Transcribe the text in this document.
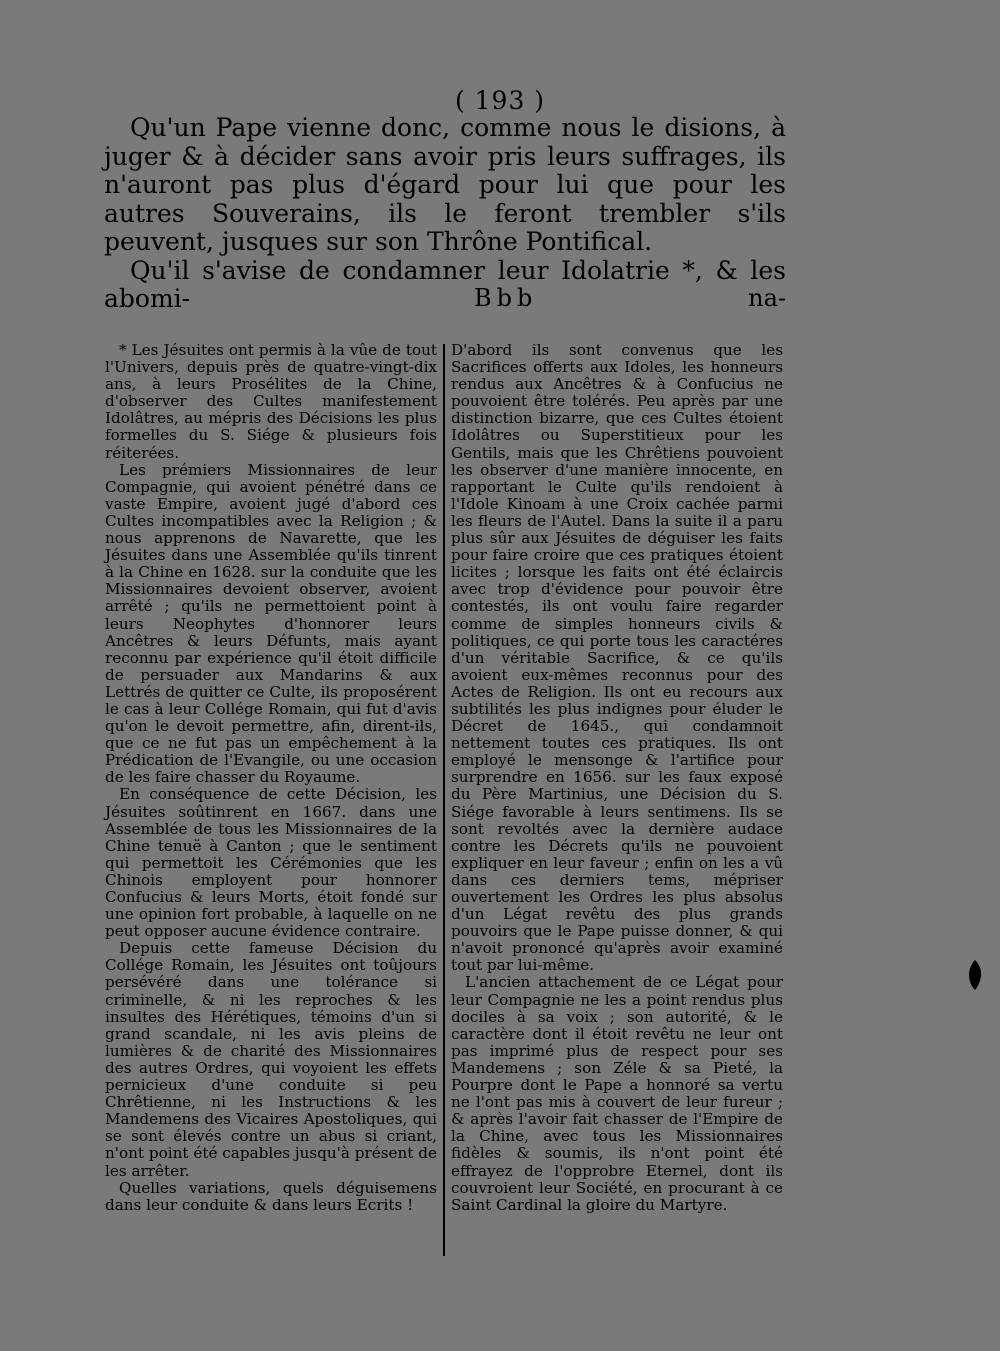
( 193 )

Qu'un Pape vienne donc, comme nous le disions, à juger & à décider sans avoir pris leurs suffrages, ils n'auront pas plus d'égard pour lui que pour les autres Souverains, ils le feront trembler s'ils peuvent, jusques sur son Thrône Pontifical.

Qu'il s'avise de condamner leur Idolatrie *, & les abomi-	Bbb	na-

* Les Jésuites ont permis à la vûe de tout l'Univers, depuis près de quatre-vingt-dix ans, à leurs Prosélites de la Chine, d'observer des Cultes manifestement Idolâtres, au mépris des Décisions les plus formelles du S. Siége & plusieurs fois réiterées.

Les prémiers Missionnaires de leur Compagnie, qui avoient pénétré dans ce vaste Empire, avoient jugé d'abord ces Cultes incompatibles avec la Religion ; & nous apprenons de Navarette, que les Jésuites dans une Assemblée qu'ils tinrent à la Chine en 1628. sur la conduite que les Missionnaires devoient observer, avoient arrêté ; qu'ils ne permettoient point à leurs Neophytes d'honnorer leurs Ancêtres & leurs Défunts, mais ayant reconnu par expérience qu'il étoit difficile de persuader aux Mandarins & aux Lettrés de quitter ce Culte, ils proposérent le cas à leur Collége Romain, qui fut d'avis qu'on le devoit permettre, afin, dirent-ils, que ce ne fut pas un empêchement à la Prédication de l'Evangile, ou une occasion de les faire chasser du Royaume.

En conséquence de cette Décision, les Jésuites soûtinrent en 1667. dans une Assemblée de tous les Missionnaires de la Chine tenuë à Canton ; que le sentiment qui permettoit les Cérémonies que les Chinois employent pour honnorer Confucius & leurs Morts, étoit fondé sur une opinion fort probable, à laquelle on ne peut opposer aucune évidence contraire.

Depuis cette fameuse Décision du Collége Romain, les Jésuites ont toûjours persévéré dans une tolérance si criminelle, & ni les reproches & les insultes des Hérétiques, témoins d'un si grand scandale, ni les avis pleins de lumières & de charité des Missionnaires des autres Ordres, qui voyoient les effets pernicieux d'une conduite si peu Chrêtienne, ni les Instructions & les Mandemens des Vicaires Apostoliques, qui se sont élevés contre un abus si criant, n'ont point été capables jusqu'à présent de les arrêter.

Quelles variations, quels déguisemens dans leur conduite & dans leurs Ecrits !

D'abord ils sont convenus que les Sacrifices offerts aux Idoles, les honneurs rendus aux Ancêtres & à Confucius ne pouvoient être tolérés. Peu après par une distinction bizarre, que ces Cultes étoient Idolâtres ou Superstitieux pour les Gentils, mais que les Chrêtiens pouvoient les observer d'une manière innocente, en rapportant le Culte qu'ils rendoient à l'Idole Kinoam à une Croix cachée parmi les fleurs de l'Autel. Dans la suite il a paru plus sûr aux Jésuites de déguiser les faits pour faire croire que ces pratiques étoient licites ; lorsque les faits ont été éclaircis avec trop d'évidence pour pouvoir être contestés, ils ont voulu faire regarder comme de simples honneurs civils & politiques, ce qui porte tous les caractéres d'un véritable Sacrifice, & ce qu'ils avoient eux-mêmes reconnus pour des Actes de Religion. Ils ont eu recours aux subtilités les plus indignes pour éluder le Décret de 1645., qui condamnoit nettement toutes ces pratiques. Ils ont employé le mensonge & l'artifice pour surprendre en 1656. sur les faux exposé du Père Martinius, une Décision du S. Siége favorable à leurs sentimens. Ils se sont revoltés avec la dernière audace contre les Décrets qu'ils ne pouvoient expliquer en leur faveur ; enfin on les a vû dans ces derniers tems, mépriser ouvertement les Ordres les plus absolus d'un Légat revêtu des plus grands pouvoirs que le Pape puisse donner, & qui n'avoit prononcé qu'après avoir examiné tout par lui-même.

L'ancien attachement de ce Légat pour leur Compagnie ne les a point rendus plus dociles à sa voix ; son autorité, & le caractère dont il étoit revêtu ne leur ont pas imprimé plus de respect pour ses Mandemens ; son Zéle & sa Pieté, la Pourpre dont le Pape a honnoré sa vertu ne l'ont pas mis à couvert de leur fureur ; & après l'avoir fait chasser de l'Empire de la Chine, avec tous les Missionnaires fidèles & soumis, ils n'ont point été effrayez de l'opprobre Eternel, dont ils couvroient leur Société, en procurant à ce Saint Cardinal la gloire du Martyre.
